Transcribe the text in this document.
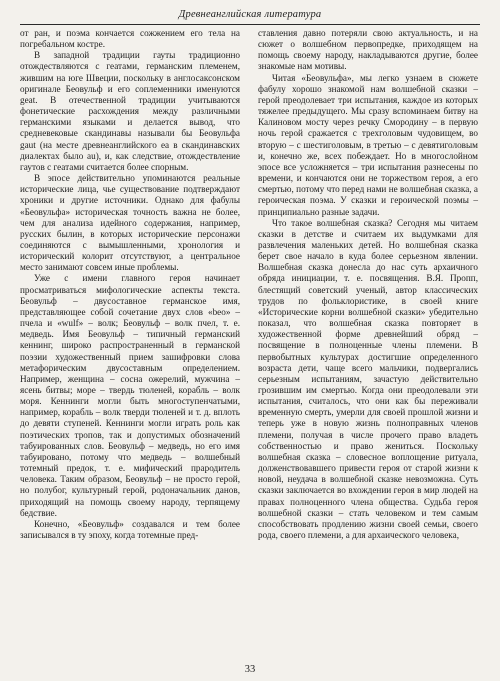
Древнеанглийская литература

от ран, и поэма кончается сожжением его тела на погребальном костре.

В западной традиции гауты традиционно отождествляются с геатами, германским племенем, жившим на юге Швеции, поскольку в англосаксонском оригинале Беовульф и его соплеменники именуются geat. В отечественной традиции учитываются фонетические расхождения между различными германскими языками и делается вывод, что средневековые скандинавы называли бы Беовульфа gaut (на месте древнеанглийского ea в скандинавских диалектах было au), и, как следствие, отождествление гаутов с геатами считается более спорным.

В эпосе действительно упоминаются реальные исторические лица, чье существование подтверждают хроники и другие источники. Однако для фабулы «Беовульфа» историческая точность важна не более, чем для анализа идейного содержания, например, русских былин, в которых исторические персонажи соединяются с вымышленными, хронология и исторический колорит отсутствуют, а центральное место занимают совсем иные проблемы.

Уже с имени главного героя начинает просматриваться мифологические аспекты текста. Беовульф – двусоставное германское имя, представляющее собой сочетание двух слов «beo» – пчела и «wulf» – волк; Беовульф – волк пчел, т. е. медведь. Имя Беовульф – типичный германский кеннинг, широко распространенный в германской поэзии художественный прием зашифровки слова метафорическим двусоставным определением. Например, женщина – сосна ожерелий, мужчина – ясень битвы; море – твердь тюленей, корабль – волк моря. Кеннинги могли быть многоступенчатыми, например, корабль – волк тверди тюленей и т. д. вплоть до девяти ступеней. Кеннинги могли играть роль как поэтических тропов, так и допустимых обозначений табуированных слов. Беовульф – медведь, но его имя табуировано, потому что медведь – волшебный тотемный предок, т. е. мифический прародитель человека. Таким образом, Беовульф – не просто герой, но полубог, культурный герой, родоначальник данов, приходящий на помощь своему народу, терпящему бедствие.

Конечно, «Беовульф» создавался и тем более записывался в ту эпоху, когда тотемные пред-

ставления давно потеряли свою актуальность, и на сюжет о волшебном первопредке, приходящем на помощь своему народу, накладываются другие, более знакомые нам мотивы.

Читая «Беовульфа», мы легко узнаем в сюжете фабулу хорошо знакомой нам волшебной сказки – герой преодолевает три испытания, каждое из которых тяжелее предыдущего. Мы сразу вспоминаем битву на Калиновом мосту через речку Смородину – в первую ночь герой сражается с трехголовым чудовищем, во вторую – с шестиголовым, в третью – с девятиголовым и, конечно же, всех побеждает. Но в многослойном эпосе все усложняется – три испытания разнесены по времени, и кончаются они не торжеством героя, а его смертью, потому что перед нами не волшебная сказка, а героическая поэма. У сказки и героической поэмы – принципиально разные задачи.

Что такое волшебная сказка? Сегодня мы читаем сказки в детстве и считаем их выдумками для развлечения маленьких детей. Но волшебная сказка берет свое начало в куда более серьезном явлении. Волшебная сказка донесла до нас суть архаичного обряда инициации, т. е. посвящения. В.Я. Пропп, блестящий советский ученый, автор классических трудов по фольклористике, в своей книге «Исторические корни волшебной сказки» убедительно показал, что волшебная сказка повторяет в художественной форме древнейший обряд – посвящение в полноценные члены племени. В первобытных культурах достигшие определенного возраста дети, чаще всего мальчики, подвергались серьезным испытаниям, зачастую действительно грозившим им смертью. Когда они преодолевали эти испытания, считалось, что они как бы переживали временную смерть, умерли для своей прошлой жизни и теперь уже в новую жизнь полноправных членов племени, получая в числе прочего право владеть собственностью и право жениться. Поскольку волшебная сказка – словесное воплощение ритуала, долженствовавшего привести героя от старой жизни к новой, неудача в волшебной сказке невозможна. Суть сказки заключается во вхождении героя в мир людей на правах полноценного члена общества. Судьба героя волшебной сказки – стать человеком и тем самым способствовать продлению жизни своей семьи, своего рода, своего племени, а для архаического человека,

33
